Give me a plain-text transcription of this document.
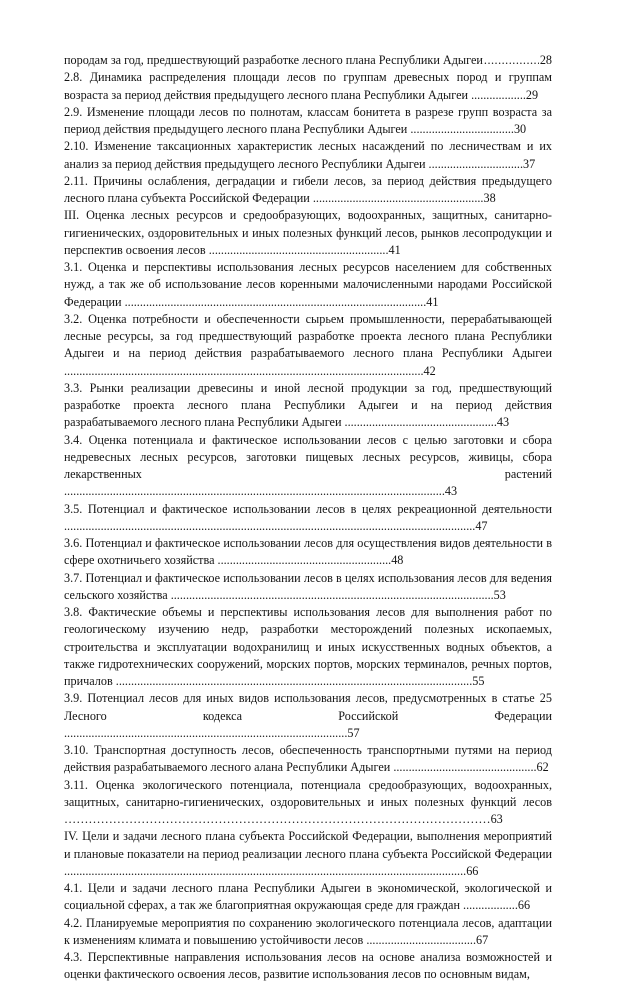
породам за год, предшествующий разработке лесного плана Республики Адыгеи .....	28
2.8. Динамика распределения площади лесов по группам древесных пород и группам возраста за период действия предыдущего лесного плана Республики Адыгеи ..................29
2.9. Изменение площади лесов по полнотам, классам бонитета в разрезе групп возраста за период действия предыдущего лесного плана Республики Адыгеи ..................................30
2.10. Изменение таксационных характеристик лесных насаждений по лесничествам и их анализ за период действия предыдущего лесного Республики Адыгеи ...............................37
2.11. Причины ослабления, деградации и гибели лесов, за период действия предыдущего лесного плана субъекта Российской Федерации ........................................................38
III. Оценка лесных ресурсов и средообразующих, водоохранных, защитных, санитарно-гигиенических, оздоровительных и иных полезных функций лесов, рынков лесопродукции и перспектив освоения лесов ...........................................................41
3.1. Оценка и перспективы использования лесных ресурсов населением для собственных нужд, а так же об использование лесов коренными малочисленными народами Российской Федерации ...................................................................................................41
3.2. Оценка потребности и обеспеченности сырьем промышленности, перерабатывающей лесные ресурсы, за год предшествующий разработке проекта лесного плана Республики Адыгеи и на период действия разрабатываемого лесного плана Республики Адыгеи ......................................................................................................................42
3.3. Рынки реализации древесины и иной лесной продукции за год, предшествующий разработке проекта лесного плана Республики Адыгеи и на период действия разрабатываемого лесного плана Республики Адыгеи ..................................................43
3.4. Оценка потенциала и фактическое использовании лесов с целью заготовки и сбора недревесных лесных ресурсов, заготовки пищевых лесных ресурсов, живицы, сбора лекарственных растений .............................................................................................................................43
3.5. Потенциал и фактическое использовании лесов в целях рекреационной деятельности .......................................................................................................................................47
3.6. Потенциал и фактическое использовании лесов для осуществления видов деятельности в сфере охотничьего хозяйства .........................................................48
3.7. Потенциал и фактическое использовании лесов в целях использования лесов для ведения сельского хозяйства ..........................................................................................................53
3.8. Фактические объемы и перспективы использования лесов для выполнения работ по геологическому изучению недр, разработки месторождений полезных ископаемых, строительства и эксплуатации водохранилищ и иных искусственных водных объектов, а также гидротехнических сооружений, морских портов, морских терминалов, речных портов, причалов .....................................................................................................................55
3.9. Потенциал лесов для иных видов использования лесов, предусмотренных в статье 25 Лесного кодекса Российской Федерации .............................................................................................57
3.10. Транспортная доступность лесов, обеспеченность транспортными путями на период действия разрабатываемого лесного алана Республики Адыгеи ...............................................62
3.11. Оценка экологического потенциала, потенциала средообразующих, водоохранных, защитных, санитарно-гигиенических, оздоровительных и иных полезных функций лесов ……………………………………………………………………………………………63
IV. Цели и задачи лесного плана субъекта Российской Федерации, выполнения мероприятий и плановые показатели на период реализации лесного плана субъекта Российской Федерации ....................................................................................................................................66
4.1. Цели и задачи лесного плана Республики Адыгеи в экономической, экологической и социальной сферах, а так же благоприятная окружающая среде для граждан ..................66
4.2. Планируемые мероприятия по сохранению экологического потенциала лесов, адаптации к изменениям климата и повышению устойчивости лесов ....................................67
4.3. Перспективные направления использования лесов на основе анализа возможностей и оценки фактического освоения лесов, развитие использования лесов по основным видам,
